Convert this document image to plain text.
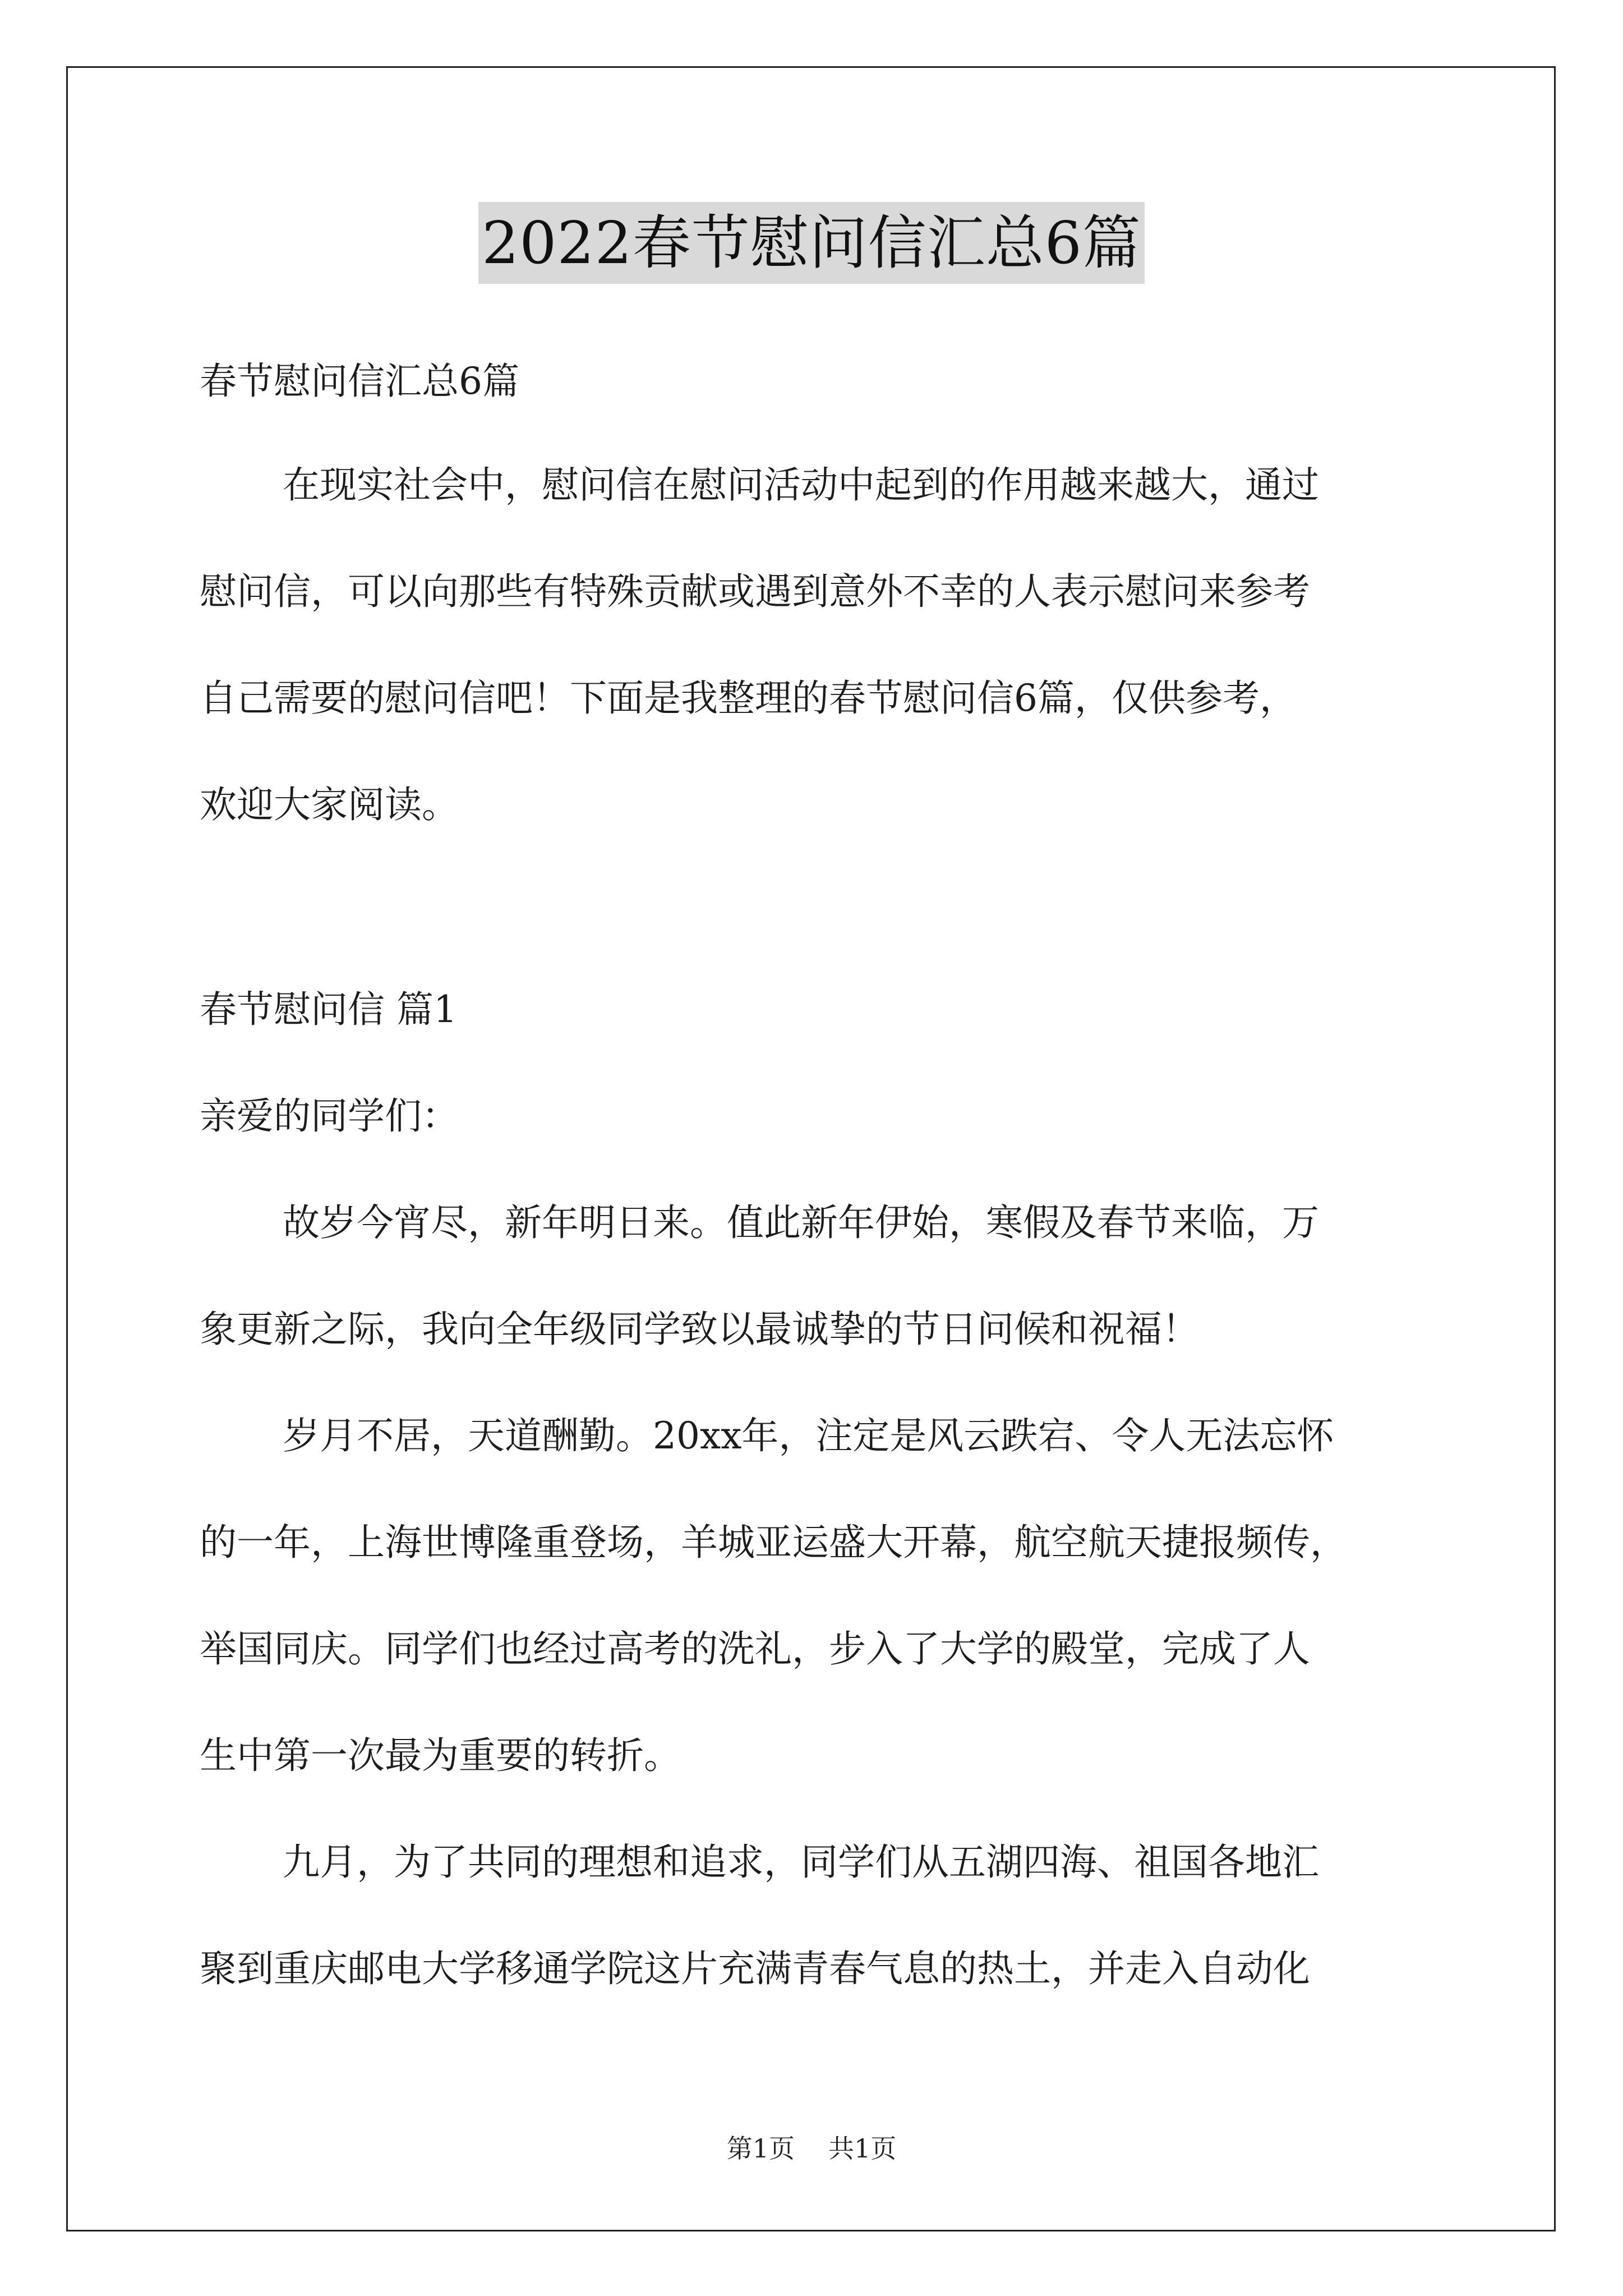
2022春节慰问信汇总6篇
春节慰问信汇总6篇
在现实社会中，慰问信在慰问活动中起到的作用越来越大，通过
慰问信，可以向那些有特殊贡献或遇到意外不幸的人表示慰问来参考
自己需要的慰问信吧！下面是我整理的春节慰问信6篇，仅供参考，
欢迎大家阅读。
春节慰问信 篇1
亲爱的同学们：
故岁今宵尽，新年明日来。值此新年伊始，寒假及春节来临，万
象更新之际，我向全年级同学致以最诚挚的节日问候和祝福！
岁月不居，天道酬勤。20xx年，注定是风云跌宕、令人无法忘怀
的一年，上海世博隆重登场，羊城亚运盛大开幕，航空航天捷报频传，
举国同庆。同学们也经过高考的洗礼，步入了大学的殿堂，完成了人
生中第一次最为重要的转折。
九月，为了共同的理想和追求，同学们从五湖四海、祖国各地汇
聚到重庆邮电大学移通学院这片充满青春气息的热土，并走入自动化
第1页 共1页
